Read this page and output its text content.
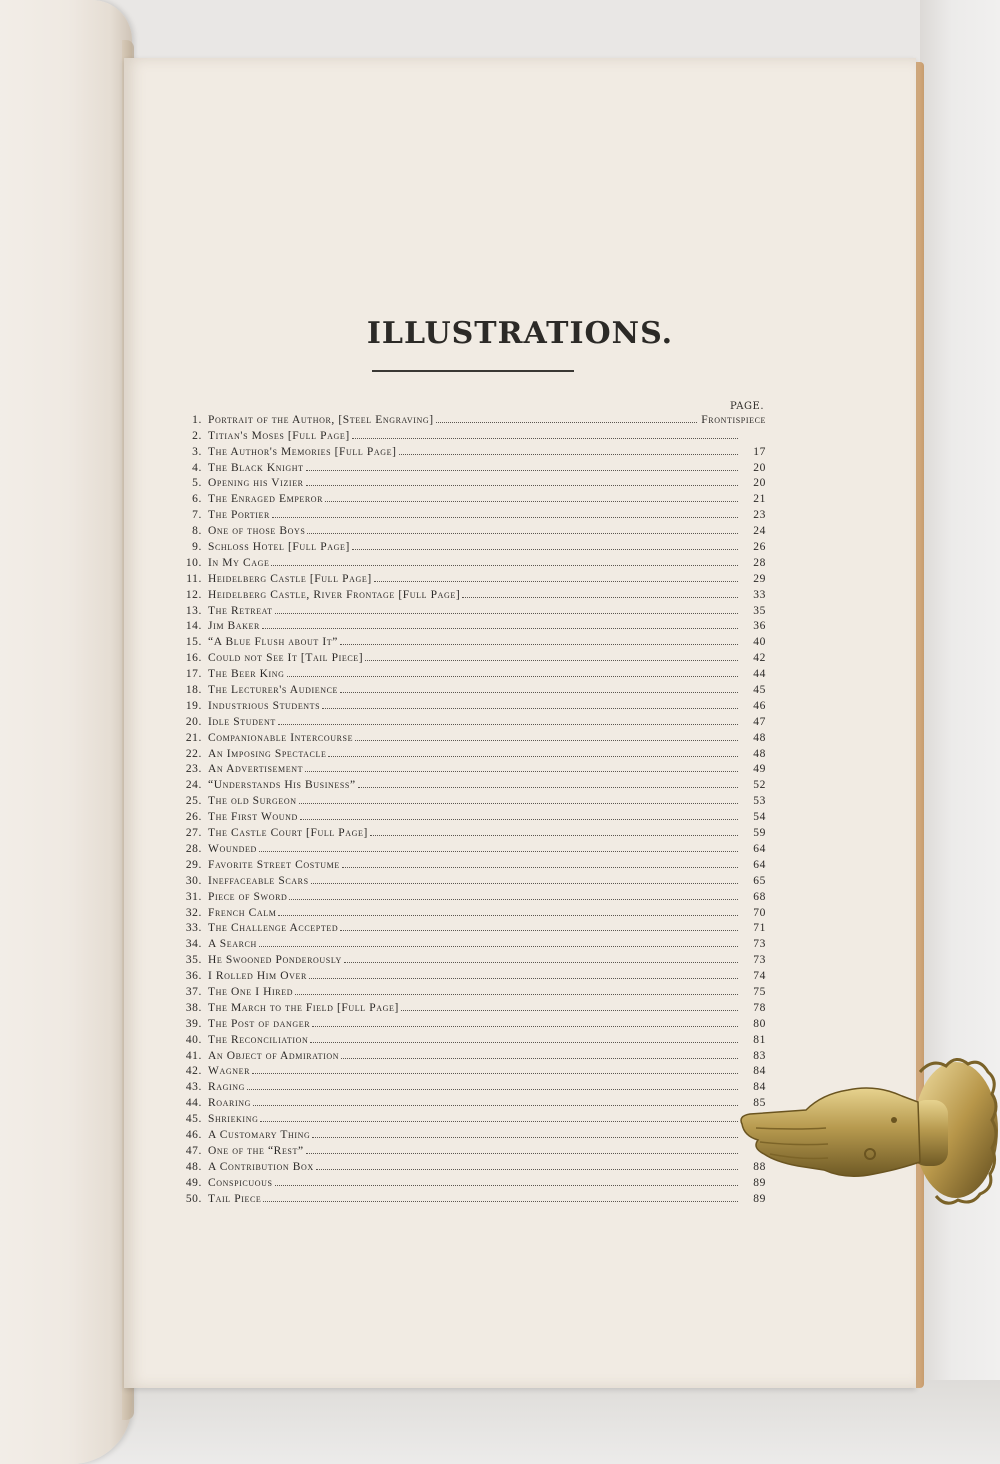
ILLUSTRATIONS.
PAGE.
1. Portrait of the Author, [Steel Engraving]	Frontispiece
2. Titian's Moses [Full Page]
3. The Author's Memories [Full Page]	17
4. The Black Knight	20
5. Opening his Vizier	20
6. The Enraged Emperor	21
7. The Portier	23
8. One of those Boys	24
9. Schloss Hotel [Full Page]	26
10. In My Cage	28
11. Heidelberg Castle [Full Page]	29
12. Heidelberg Castle, River Frontage [Full Page]	33
13. The Retreat	35
14. Jim Baker	36
15. “A Blue Flush about It”	40
16. Could not See It [Tail Piece]	42
17. The Beer King	44
18. The Lecturer's Audience	45
19. Industrious Students	46
20. Idle Student	47
21. Companionable Intercourse	48
22. An Imposing Spectacle	48
23. An Advertisement	49
24. “Understands His Business”	52
25. The old Surgeon	53
26. The First Wound	54
27. The Castle Court [Full Page]	59
28. Wounded	64
29. Favorite Street Costume	64
30. Ineffaceable Scars	65
31. Piece of Sword	68
32. French Calm	70
33. The Challenge Accepted	71
34. A Search	73
35. He Swooned Ponderously	73
36. I Rolled Him Over	74
37. The One I Hired	75
38. The March to the Field [Full Page]	78
39. The Post of danger	80
40. The Reconciliation	81
41. An Object of Admiration	83
42. Wagner	84
43. Raging	84
44. Roaring	85
45. Shrieking
46. A Customary Thing
47. One of the “Rest”
48. A Contribution Box	88
49. Conspicuous	89
50. Tail Piece	89
